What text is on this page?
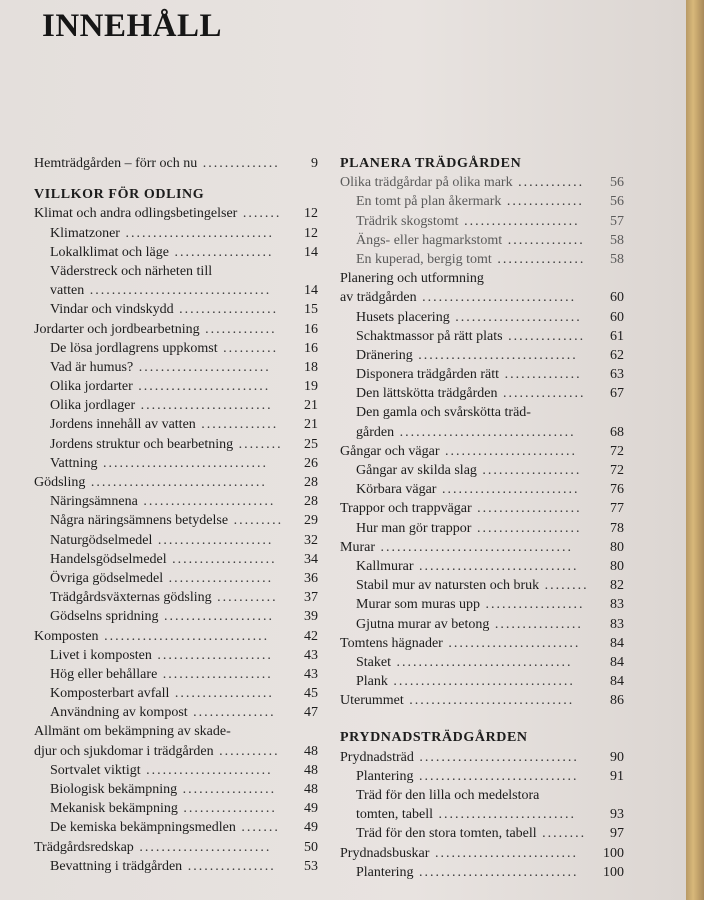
INNEHÅLL
Hemträdgården – förr och nu ..............	9
VILLKOR FÖR ODLING
Klimat och andra odlingsbetingelser .......	12
Klimatzoner ...........................	12
Lokalklimat och läge ..................	14
Väderstreck och närheten till
vatten .................................	14
Vindar och vindskydd ..................	15
Jordarter och jordbearbetning .............	16
De lösa jordlagrens uppkomst ..........	16
Vad är humus? ........................	18
Olika jordarter ........................	19
Olika jordlager ........................	21
Jordens innehåll av vatten ..............	21
Jordens struktur och bearbetning ........	25
Vattning ..............................	26
Gödsling ................................	28
Näringsämnena ........................	28
Några näringsämnens betydelse .........	29
Naturgödselmedel .....................	32
Handelsgödselmedel ...................	34
Övriga gödselmedel ...................	36
Trädgårdsväxternas gödsling ...........	37
Gödselns spridning ....................	39
Komposten ..............................	42
Livet i komposten .....................	43
Hög eller behållare ....................	43
Komposterbart avfall ..................	45
Användning av kompost ...............	47
Allmänt om bekämpning av skade-
djur och sjukdomar i trädgården ...........	48
Sortvalet viktigt .......................	48
Biologisk bekämpning .................	48
Mekanisk bekämpning .................	49
De kemiska bekämpningsmedlen .......	49
Trädgårdsredskap ........................	50
Bevattning i trädgården ................	53
PLANERA TRÄDGÅRDEN
Olika trädgårdar på olika mark ............	56
En tomt på plan åkermark ..............	56
Trädrik skogstomt .....................	57
Ängs- eller hagmarkstomt ..............	58
En kuperad, bergig tomt ................	58
Planering och utformning
av trädgården ............................	60
Husets placering .......................	60
Schaktmassor på rätt plats ..............	61
Dränering .............................	62
Disponera trädgården rätt ..............	63
Den lättskötta trädgården ...............	67
Den gamla och svårskötta träd-
gården ................................	68
Gångar och vägar ........................	72
Gångar av skilda slag ..................	72
Körbara vägar .........................	76
Trappor och trappvägar ...................	77
Hur man gör trappor ...................	78
Murar ...................................	80
Kallmurar .............................	80
Stabil mur av natursten och bruk ........	82
Murar som muras upp ..................	83
Gjutna murar av betong ................	83
Tomtens hägnader ........................	84
Staket ................................	84
Plank .................................	84
Uterummet ..............................	86
PRYDNADSTRÄDGÅRDEN
Prydnadsträd .............................	90
Plantering .............................	91
Träd för den lilla och medelstora
tomten, tabell .........................	93
Träd för den stora tomten, tabell ........	97
Prydnadsbuskar ..........................	100
Plantering .............................	100
